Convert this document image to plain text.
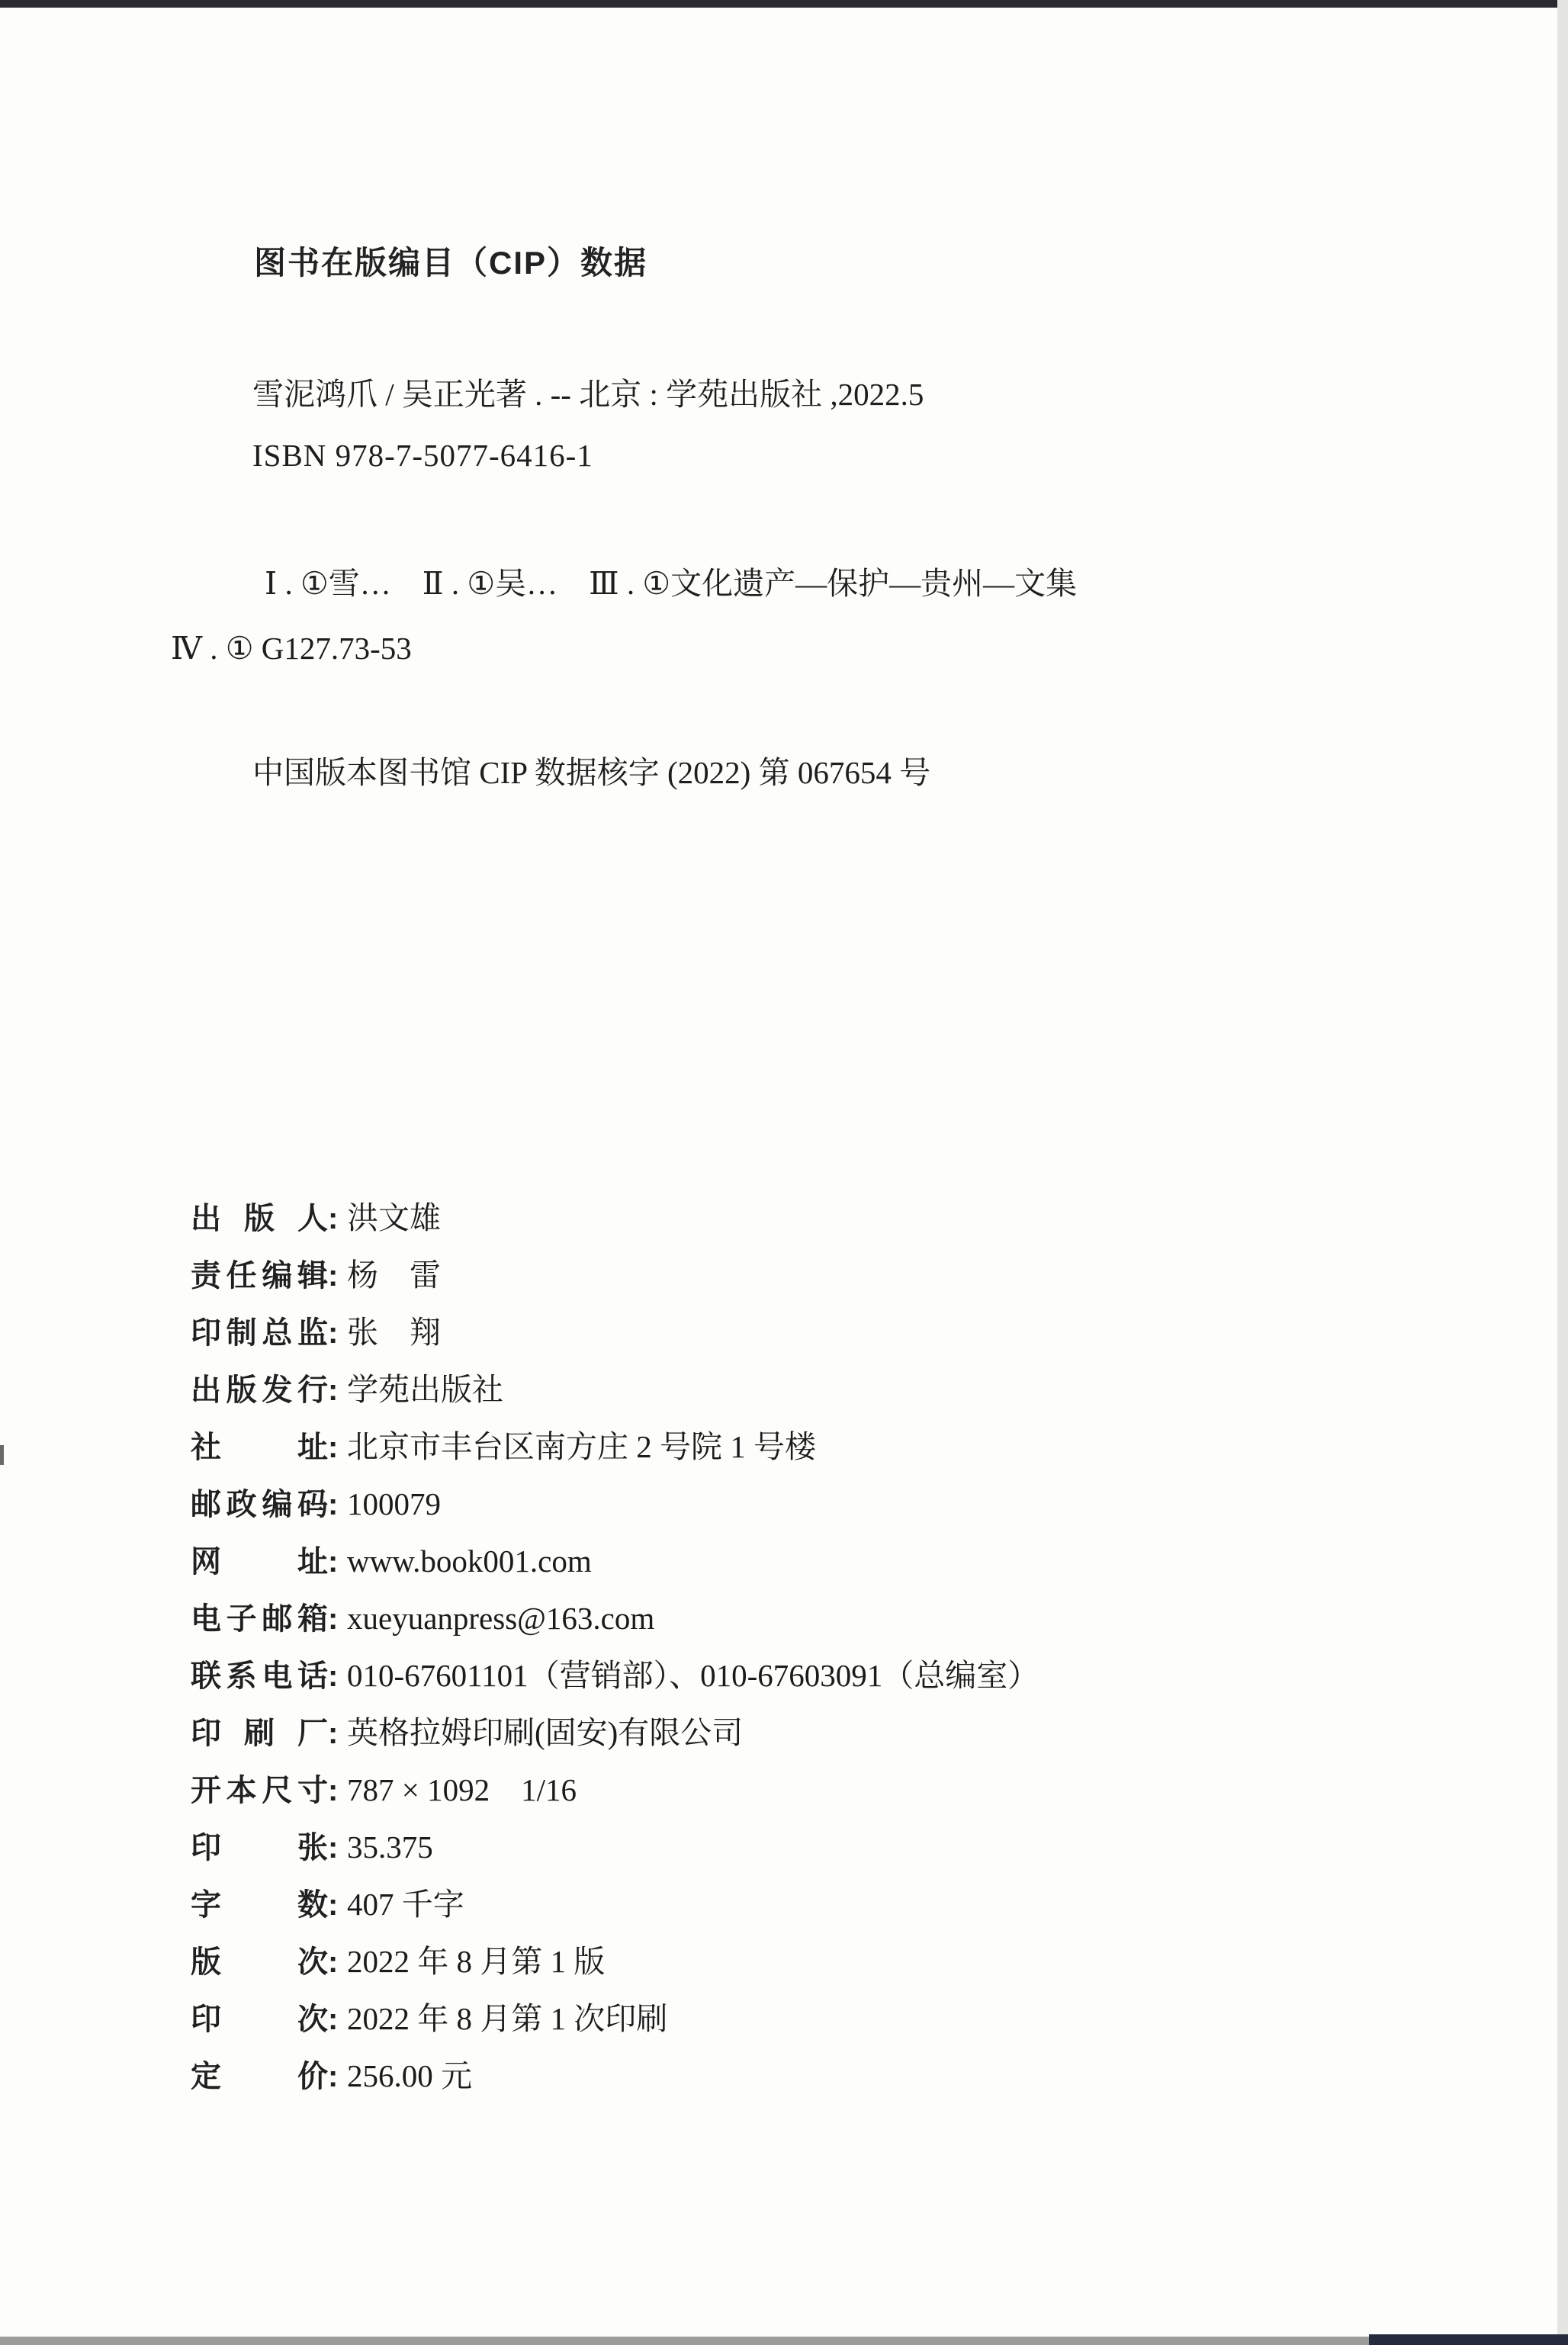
图书在版编目（CIP）数据
雪泥鸿爪 / 吴正光著 . -- 北京 : 学苑出版社 ,2022.5
ISBN 978-7-5077-6416-1
Ⅰ . ①雪…　Ⅱ . ①吴…　Ⅲ . ①文化遗产—保护—贵州—文集
Ⅳ . ① G127.73-53
中国版本图书馆 CIP 数据核字 (2022) 第 067654 号
出版人: 洪文雄
责任编辑: 杨　雷
印制总监: 张　翔
出版发行: 学苑出版社
社址: 北京市丰台区南方庄 2 号院 1 号楼
邮政编码: 100079
网址: www.book001.com
电子邮箱: xueyuanpress@163.com
联系电话: 010-67601101（营销部）、010-67603091（总编室）
印刷厂: 英格拉姆印刷(固安)有限公司
开本尺寸: 787 × 1092　1/16
印张: 35.375
字数: 407 千字
版次: 2022 年 8 月第 1 版
印次: 2022 年 8 月第 1 次印刷
定价: 256.00 元
